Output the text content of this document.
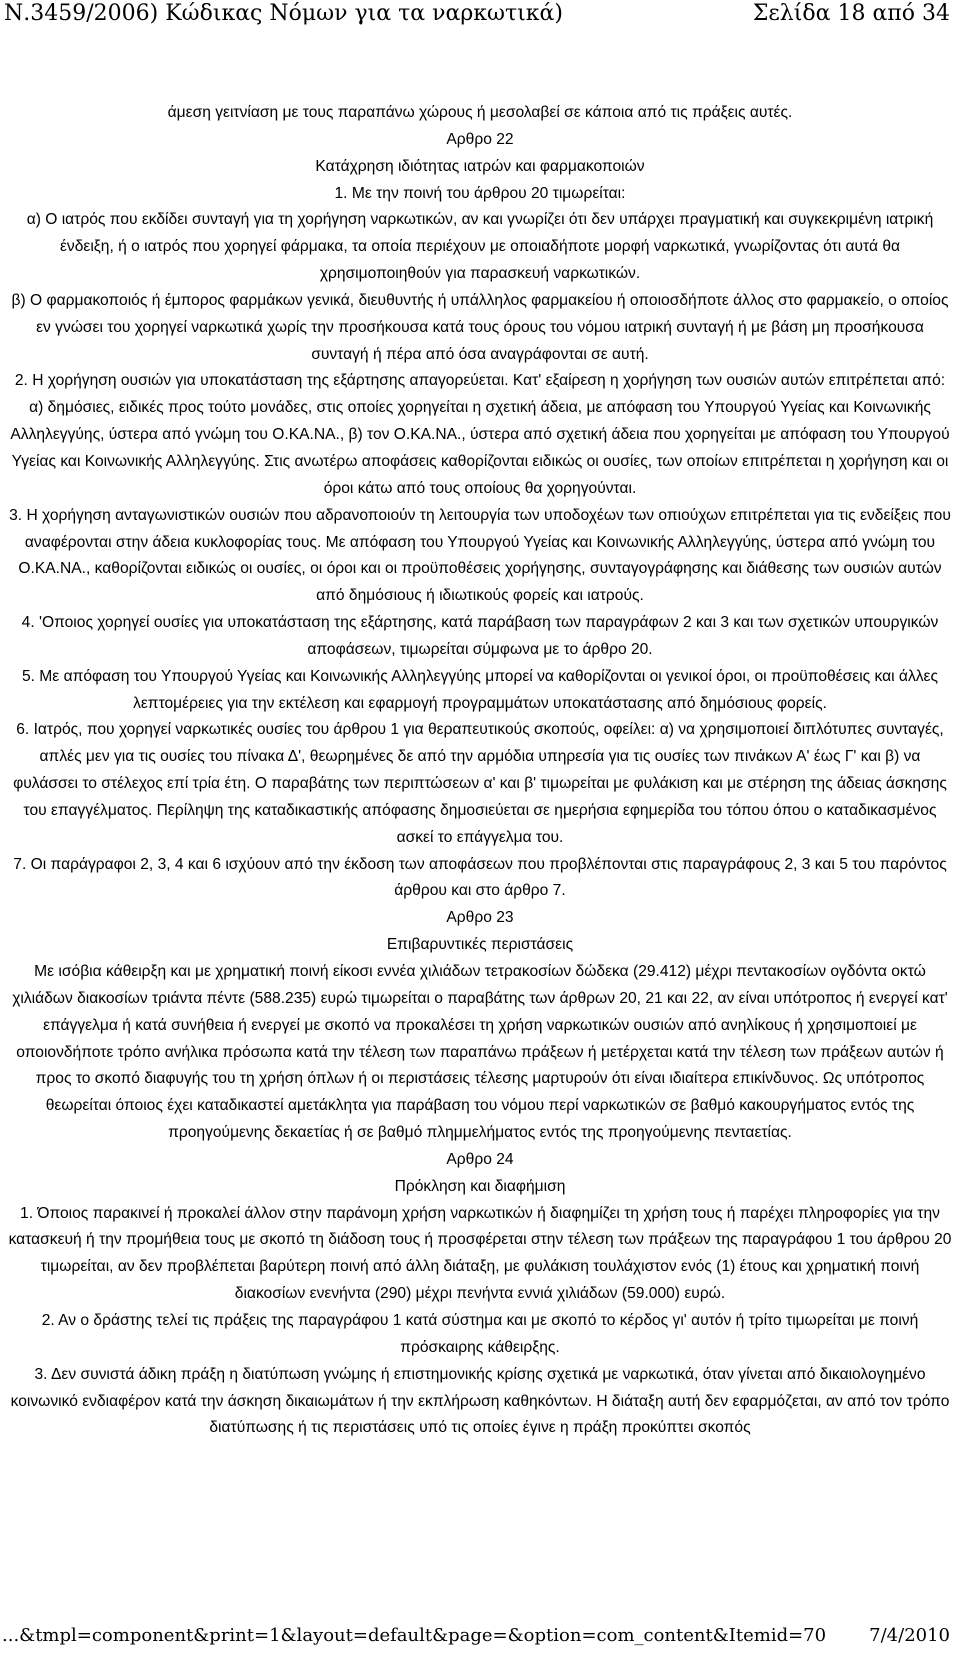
Ν.3459/2006) Κώδικας Νόμων για τα ναρκωτικά)	Σελίδα 18 από 34

άμεση γειτνίαση με τους παραπάνω χώρους ή μεσολαβεί σε κάποια από τις πράξεις αυτές.

Αρθρο 22

Κατάχρηση ιδιότητας ιατρών και φαρμακοποιών

1. Με την ποινή του άρθρου 20 τιμωρείται:

α) Ο ιατρός που εκδίδει συνταγή για τη χορήγηση ναρκωτικών, αν και γνωρίζει ότι δεν υπάρχει πραγματική και συγκεκριμένη ιατρική ένδειξη, ή ο ιατρός που χορηγεί φάρμακα, τα οποία περιέχουν με οποιαδήποτε μορφή ναρκωτικά, γνωρίζοντας ότι αυτά θα χρησιμοποιηθούν για παρασκευή ναρκωτικών.

β) Ο φαρμακοποιός ή έμπορος φαρμάκων γενικά, διευθυντής ή υπάλληλος φαρμακείου ή οποιοσδήποτε άλλος στο φαρμακείο, ο οποίος εν γνώσει του χορηγεί ναρκωτικά χωρίς την προσήκουσα κατά τους όρους του νόμου ιατρική συνταγή ή με βάση μη προσήκουσα συνταγή ή πέρα από όσα αναγράφονται σε αυτή.

2. Η χορήγηση ουσιών για υποκατάσταση της εξάρτησης απαγορεύεται. Κατ' εξαίρεση η χορήγηση των ουσιών αυτών επιτρέπεται από: α) δημόσιες, ειδικές προς τούτο μονάδες, στις οποίες χορηγείται η σχετική άδεια, με απόφαση του Υπουργού Υγείας και Κοινωνικής Αλληλεγγύης, ύστερα από γνώμη του Ο.ΚΑ.ΝΑ., β) τον Ο.ΚΑ.ΝΑ., ύστερα από σχετική άδεια που χορηγείται με απόφαση του Υπουργού Υγείας και Κοινωνικής Αλληλεγγύης. Στις ανωτέρω αποφάσεις καθορίζονται ειδικώς οι ουσίες, των οποίων επιτρέπεται η χορήγηση και οι όροι κάτω από τους οποίους θα χορηγούνται.

3. Η χορήγηση ανταγωνιστικών ουσιών που αδρανοποιούν τη λειτουργία των υποδοχέων των οπιούχων επιτρέπεται για τις ενδείξεις που αναφέρονται στην άδεια κυκλοφορίας τους. Με απόφαση του Υπουργού Υγείας και Κοινωνικής Αλληλεγγύης, ύστερα από γνώμη του Ο.ΚΑ.ΝΑ., καθορίζονται ειδικώς οι ουσίες, οι όροι και οι προϋποθέσεις χορήγησης, συνταγογράφησης και διάθεσης των ουσιών αυτών από δημόσιους ή ιδιωτικούς φορείς και ιατρούς.

4. 'Οποιος χορηγεί ουσίες για υποκατάσταση της εξάρτησης, κατά παράβαση των παραγράφων 2 και 3 και των σχετικών υπουργικών αποφάσεων, τιμωρείται σύμφωνα με το άρθρο 20.

5. Με απόφαση του Υπουργού Υγείας και Κοινωνικής Αλληλεγγύης μπορεί να καθορίζονται οι γενικοί όροι, οι προϋποθέσεις και άλλες λεπτομέρειες για την εκτέλεση και εφαρμογή προγραμμάτων υποκατάστασης από δημόσιους φορείς.

6. Ιατρός, που χορηγεί ναρκωτικές ουσίες του άρθρου 1 για θεραπευτικούς σκοπούς, οφείλει: α) να χρησιμοποιεί διπλότυπες συνταγές, απλές μεν για τις ουσίες του πίνακα Δ', θεωρημένες δε από την αρμόδια υπηρεσία για τις ουσίες των πινάκων Α' έως Γ' και β) να φυλάσσει το στέλεχος επί τρία έτη. Ο παραβάτης των περιπτώσεων α' και β' τιμωρείται με φυλάκιση και με στέρηση της άδειας άσκησης του επαγγέλματος. Περίληψη της καταδικαστικής απόφασης δημοσιεύεται σε ημερήσια εφημερίδα του τόπου όπου ο καταδικασμένος ασκεί το επάγγελμα του.

7. Οι παράγραφοι 2, 3, 4 και 6 ισχύουν από την έκδοση των αποφάσεων που προβλέπονται στις παραγράφους 2, 3 και 5 του παρόντος άρθρου και στο άρθρο 7.

Αρθρο 23

Επιβαρυντικές περιστάσεις

Με ισόβια κάθειρξη και με χρηματική ποινή είκοσι εννέα χιλιάδων τετρακοσίων δώδεκα (29.412) μέχρι πεντακοσίων ογδόντα οκτώ χιλιάδων διακοσίων τριάντα πέντε (588.235) ευρώ τιμωρείται ο παραβάτης των άρθρων 20, 21 και 22, αν είναι υπότροπος ή ενεργεί κατ' επάγγελμα ή κατά συνήθεια ή ενεργεί με σκοπό να προκαλέσει τη χρήση ναρκωτικών ουσιών από ανηλίκους ή χρησιμοποιεί με οποιονδήποτε τρόπο ανήλικα πρόσωπα κατά την τέλεση των παραπάνω πράξεων ή μετέρχεται κατά την τέλεση των πράξεων αυτών ή προς το σκοπό διαφυγής του τη χρήση όπλων ή οι περιστάσεις τέλεσης μαρτυρούν ότι είναι ιδιαίτερα επικίνδυνος. Ως υπότροπος θεωρείται όποιος έχει καταδικαστεί αμετάκλητα για παράβαση του νόμου περί ναρκωτικών σε βαθμό κακουργήματος εντός της προηγούμενης δεκαετίας ή σε βαθμό πλημμελήματος εντός της προηγούμενης πενταετίας.

Αρθρο 24

Πρόκληση και διαφήμιση

1. Όποιος παρακινεί ή προκαλεί άλλον στην παράνομη χρήση ναρκωτικών ή διαφημίζει τη χρήση τους ή παρέχει πληροφορίες για την κατασκευή ή την προμήθεια τους με σκοπό τη διάδοση τους ή προσφέρεται στην τέλεση των πράξεων της παραγράφου 1 του άρθρου 20 τιμωρείται, αν δεν προβλέπεται βαρύτερη ποινή από άλλη διάταξη, με φυλάκιση τουλάχιστον ενός (1) έτους και χρηματική ποινή διακοσίων ενενήντα (290) μέχρι πενήντα εννιά χιλιάδων (59.000) ευρώ.

2. Αν ο δράστης τελεί τις πράξεις της παραγράφου 1 κατά σύστημα και με σκοπό το κέρδος γι' αυτόν ή τρίτο τιμωρείται με ποινή πρόσκαιρης κάθειρξης.

3. Δεν συνιστά άδικη πράξη η διατύπωση γνώμης ή επιστημονικής κρίσης σχετικά με ναρκωτικά, όταν γίνεται από δικαιολογημένο κοινωνικό ενδιαφέρον κατά την άσκηση δικαιωμάτων ή την εκπλήρωση καθηκόντων. Η διάταξη αυτή δεν εφαρμόζεται, αν από τον τρόπο διατύπωσης ή τις περιστάσεις υπό τις οποίες έγινε η πράξη προκύπτει σκοπός

...&tmpl=component&print=1&layout=default&page=&option=com_content&Itemid=70 7/4/2010
